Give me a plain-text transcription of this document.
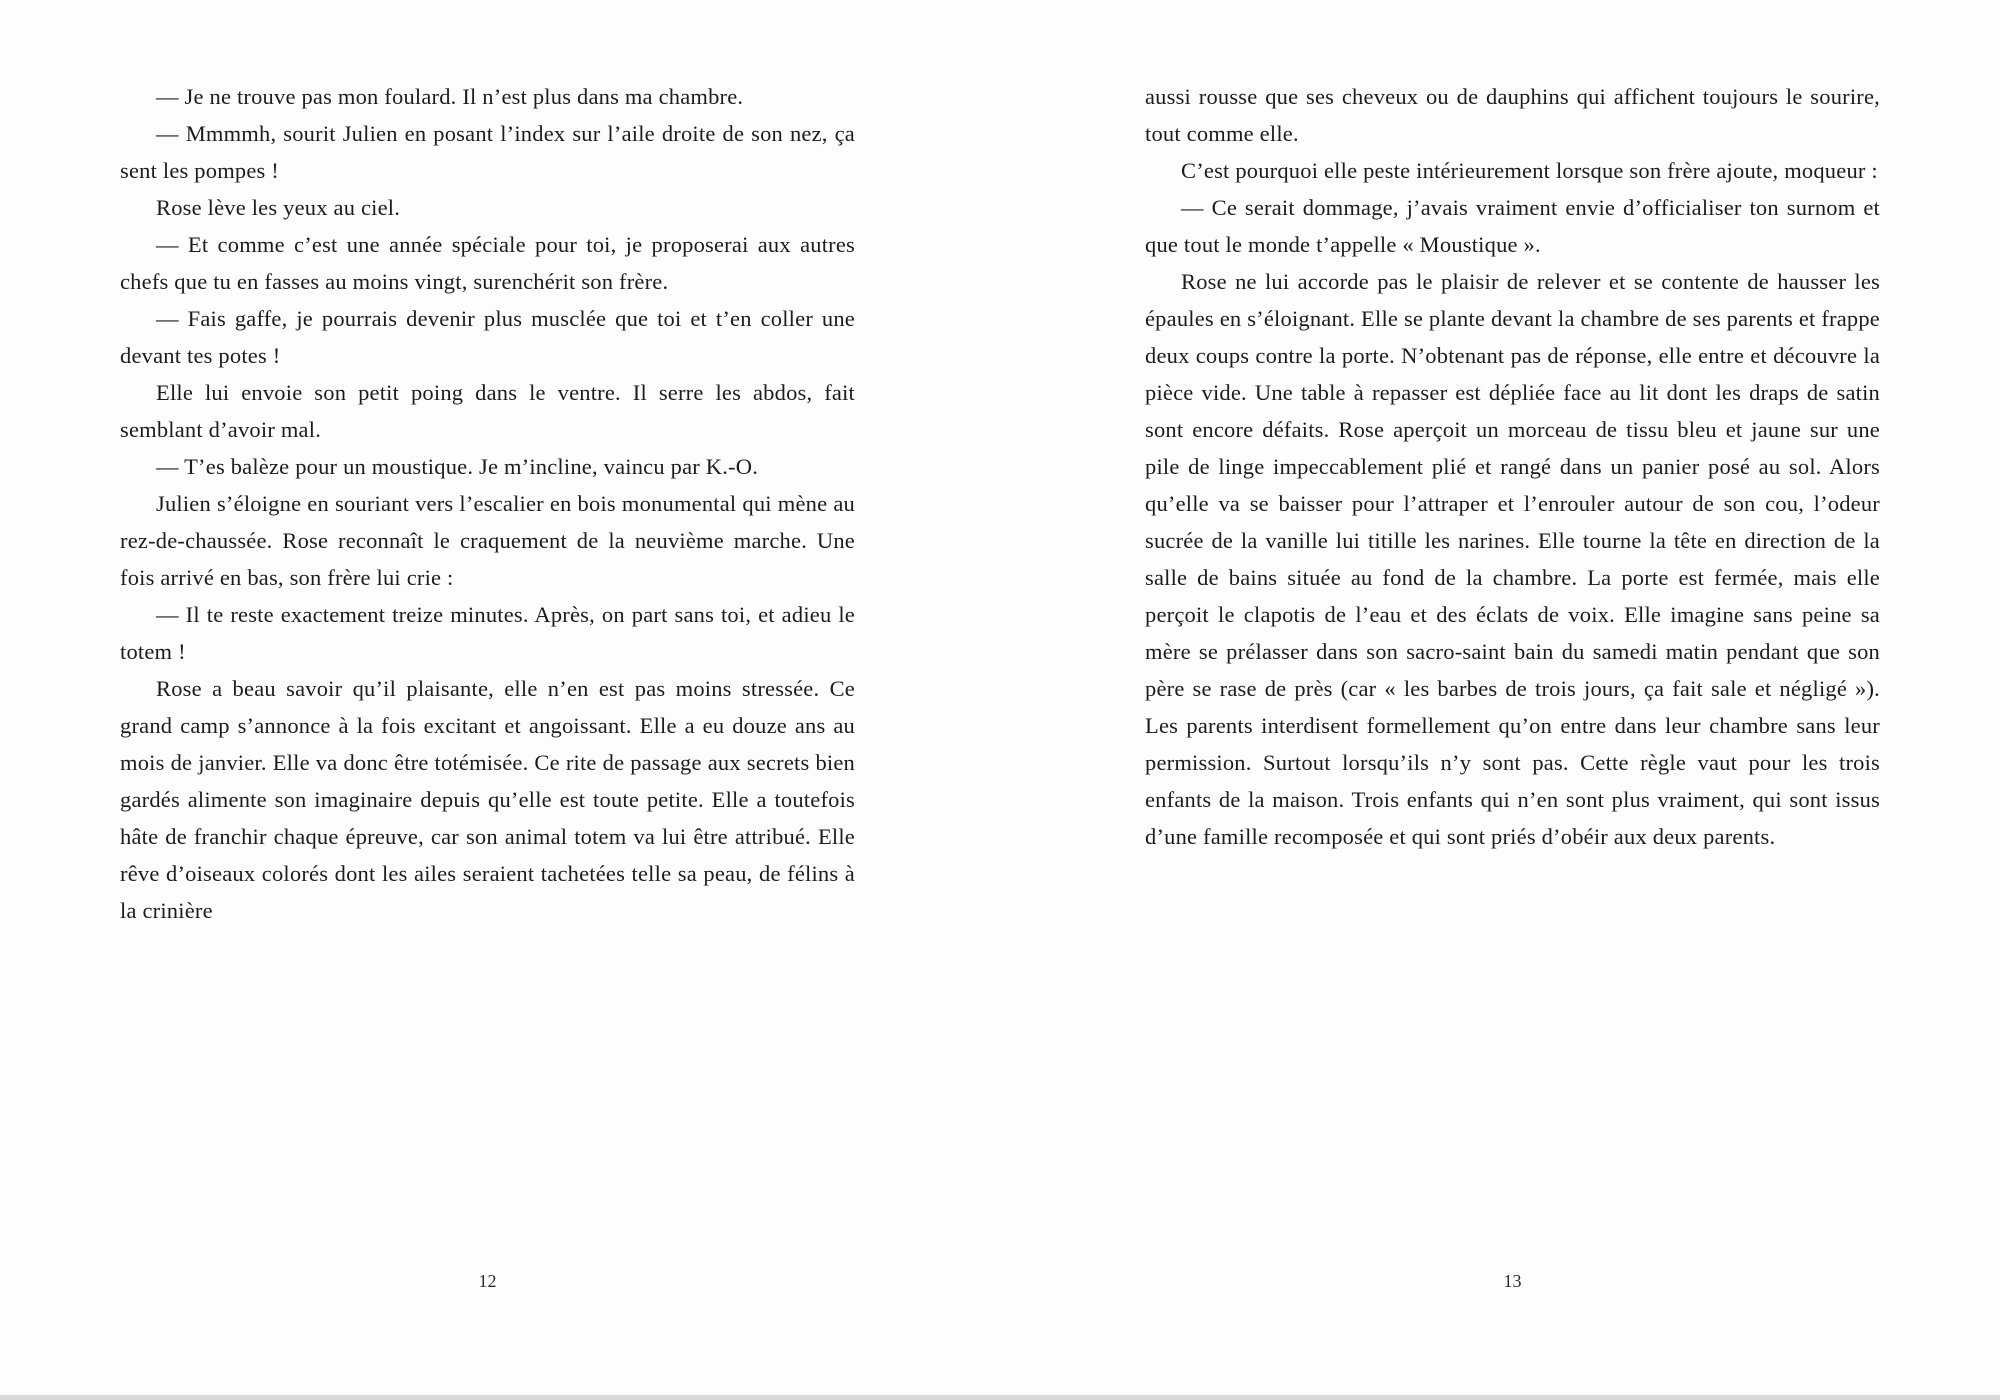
— Je ne trouve pas mon foulard. Il n’est plus dans ma chambre.

— Mmmmh, sourit Julien en posant l’index sur l’aile droite de son nez, ça sent les pompes !

Rose lève les yeux au ciel.

— Et comme c’est une année spéciale pour toi, je proposerai aux autres chefs que tu en fasses au moins vingt, surenchérit son frère.

— Fais gaffe, je pourrais devenir plus musclée que toi et t’en coller une devant tes potes !

Elle lui envoie son petit poing dans le ventre. Il serre les abdos, fait semblant d’avoir mal.

— T’es balèze pour un moustique. Je m’incline, vaincu par K.-O.

Julien s’éloigne en souriant vers l’escalier en bois monumental qui mène au rez-de-chaussée. Rose reconnaît le craquement de la neuvième marche. Une fois arrivé en bas, son frère lui crie :

— Il te reste exactement treize minutes. Après, on part sans toi, et adieu le totem !

Rose a beau savoir qu’il plaisante, elle n’en est pas moins stressée. Ce grand camp s’annonce à la fois excitant et angoissant. Elle a eu douze ans au mois de janvier. Elle va donc être totémisée. Ce rite de passage aux secrets bien gardés alimente son imaginaire depuis qu’elle est toute petite. Elle a toutefois hâte de franchir chaque épreuve, car son animal totem va lui être attribué. Elle rêve d’oiseaux colorés dont les ailes seraient tachetées telle sa peau, de félins à la crinière

12

aussi rousse que ses cheveux ou de dauphins qui affichent toujours le sourire, tout comme elle.

C’est pourquoi elle peste intérieurement lorsque son frère ajoute, moqueur :

— Ce serait dommage, j’avais vraiment envie d’officialiser ton surnom et que tout le monde t’appelle « Moustique ».

Rose ne lui accorde pas le plaisir de relever et se contente de hausser les épaules en s’éloignant. Elle se plante devant la chambre de ses parents et frappe deux coups contre la porte. N’obtenant pas de réponse, elle entre et découvre la pièce vide. Une table à repasser est dépliée face au lit dont les draps de satin sont encore défaits. Rose aperçoit un morceau de tissu bleu et jaune sur une pile de linge impeccablement plié et rangé dans un panier posé au sol. Alors qu’elle va se baisser pour l’attraper et l’enrouler autour de son cou, l’odeur sucrée de la vanille lui titille les narines. Elle tourne la tête en direction de la salle de bains située au fond de la chambre. La porte est fermée, mais elle perçoit le clapotis de l’eau et des éclats de voix. Elle imagine sans peine sa mère se prélasser dans son sacro-saint bain du samedi matin pendant que son père se rase de près (car « les barbes de trois jours, ça fait sale et négligé »). Les parents interdisent formellement qu’on entre dans leur chambre sans leur permission. Surtout lorsqu’ils n’y sont pas. Cette règle vaut pour les trois enfants de la maison. Trois enfants qui n’en sont plus vraiment, qui sont issus d’une famille recomposée et qui sont priés d’obéir aux deux parents.

13
